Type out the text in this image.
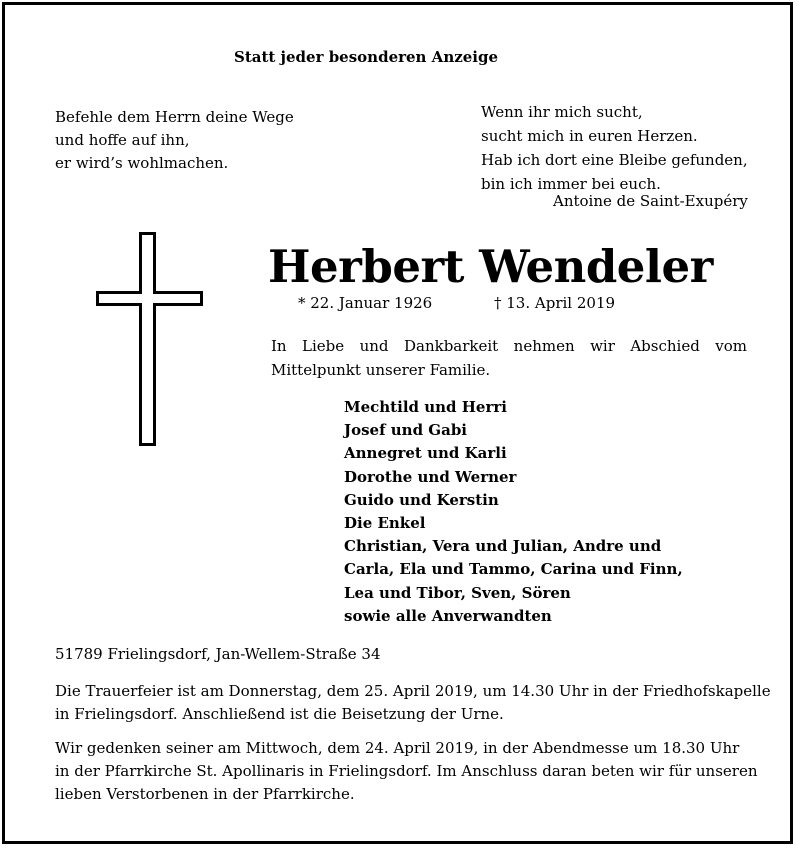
Statt jeder besonderen Anzeige
Befehle dem Herrn deine Wege
und hoffe auf ihn,
er wird’s wohlmachen.
Wenn ihr mich sucht,
sucht mich in euren Herzen.
Hab ich dort eine Bleibe gefunden,
bin ich immer bei euch.
Antoine de Saint-Exupéry
Herbert Wendeler
* 22. Januar 1926	† 13. April 2019
In Liebe und Dankbarkeit nehmen wir Abschied vom Mittelpunkt unserer Familie.
Mechtild und Herri
Josef und Gabi
Annegret und Karli
Dorothe und Werner
Guido und Kerstin
Die Enkel
Christian, Vera und Julian, Andre und
Carla, Ela und Tammo, Carina und Finn,
Lea und Tibor, Sven, Sören
sowie alle Anverwandten
51789 Frielingsdorf, Jan-Wellem-Straße 34
Die Trauerfeier ist am Donnerstag, dem 25. April 2019, um 14.30 Uhr in der Friedhofskapelle
in Frielingsdorf. Anschließend ist die Beisetzung der Urne.
Wir gedenken seiner am Mittwoch, dem 24. April 2019, in der Abendmesse um 18.30 Uhr
in der Pfarrkirche St. Apollinaris in Frielingsdorf. Im Anschluss daran beten wir für unseren
lieben Verstorbenen in der Pfarrkirche.
